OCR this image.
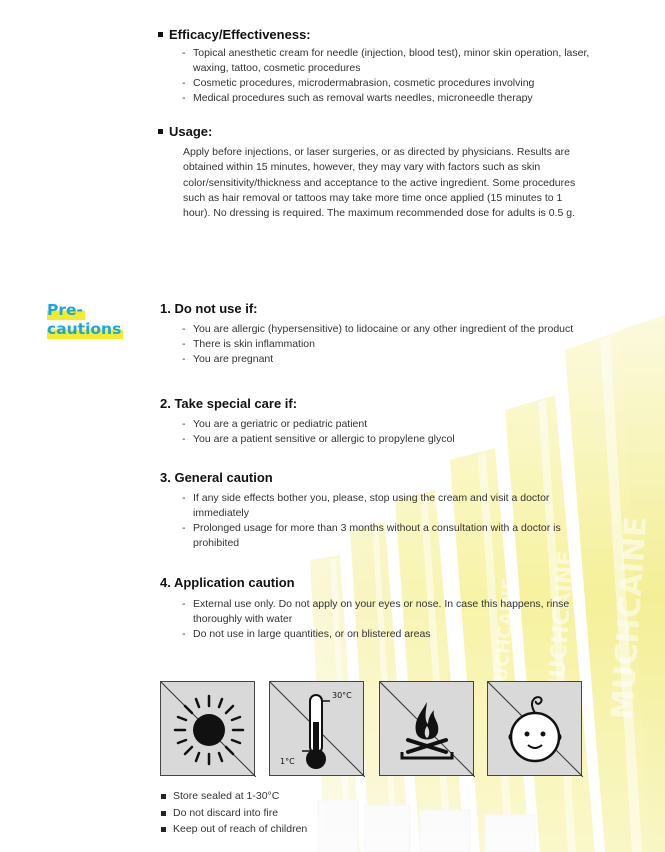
Efficacy/Effectiveness:
- Topical anesthetic cream for needle (injection, blood test), minor skin operation, laser, waxing, tattoo, cosmetic procedures
- Cosmetic procedures, microdermabrasion, cosmetic procedures involving
- Medical procedures such as removal warts needles, microneedle therapy
Usage:

Apply before injections, or laser surgeries, or as directed by physicians. Results are obtained within 15 minutes, however, they may vary with factors such as skin color/sensitivity/thickness and acceptance to the active ingredient. Some procedures such as hair removal or tattoos may take more time once applied (15 minutes to 1 hour). No dressing is required. The maximum recommended dose for adults is 0.5 g.

Pre-
cautions
1. Do not use if:
- You are allergic (hypersensitive) to lidocaine or any other ingredient of the product
- There is skin inflammation
- You are pregnant
2. Take special care if:
- You are a geriatric or pediatric patient
- You are a patient sensitive or allergic to propylene glycol
3. General caution
- If any side effects bother you, please, stop using the cream and visit a doctor immediately
- Prolonged usage for more than 3 months without a consultation with a doctor is prohibited
4. Application caution
- External use only. Do not apply on your eyes or nose. In case this happens, rinse thoroughly with water
- Do not use in large quantities, or on blistered areas
30°C
1°C
Store sealed at 1-30°C
Do not discard into fire
Keep out of reach of children
